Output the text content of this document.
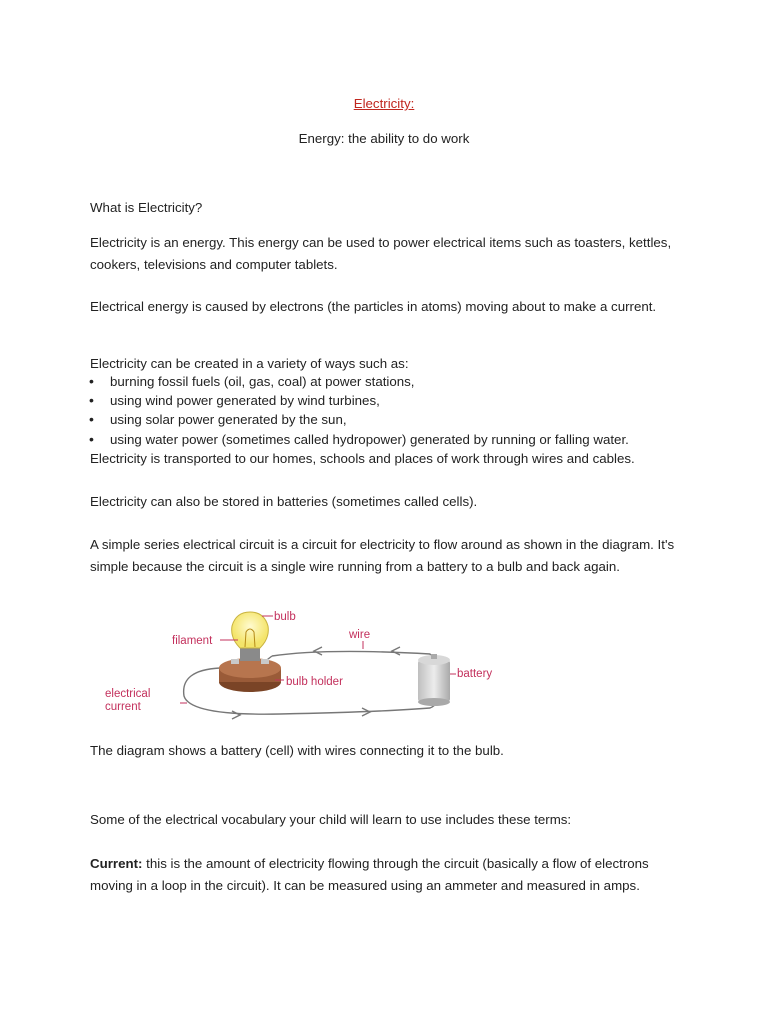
Electricity:

Energy: the ability to do work

What is Electricity?

Electricity is an energy. This energy can be used to power electrical items such as toasters, kettles, cookers, televisions and computer tablets.

Electrical energy is caused by electrons (the particles in atoms) moving about to make a current.

Electricity can be created in a variety of ways such as:

• burning fossil fuels (oil, gas, coal) at power stations,
• using wind power generated by wind turbines,
• using solar power generated by the sun,
• using water power (sometimes called hydropower) generated by running or falling water.

Electricity is transported to our homes, schools and places of work through wires and cables.

Electricity can also be stored in batteries (sometimes called cells).

A simple series electrical circuit is a circuit for electricity to flow around as shown in the diagram. It's simple because the circuit is a single wire running from a battery to a bulb and back again.

bulb
filament	wire
battery
bulb holder
electrical
current

The diagram shows a battery (cell) with wires connecting it to the bulb.

Some of the electrical vocabulary your child will learn to use includes these terms:

Current: this is the amount of electricity flowing through the circuit (basically a flow of electrons moving in a loop in the circuit). It can be measured using an ammeter and measured in amps.
